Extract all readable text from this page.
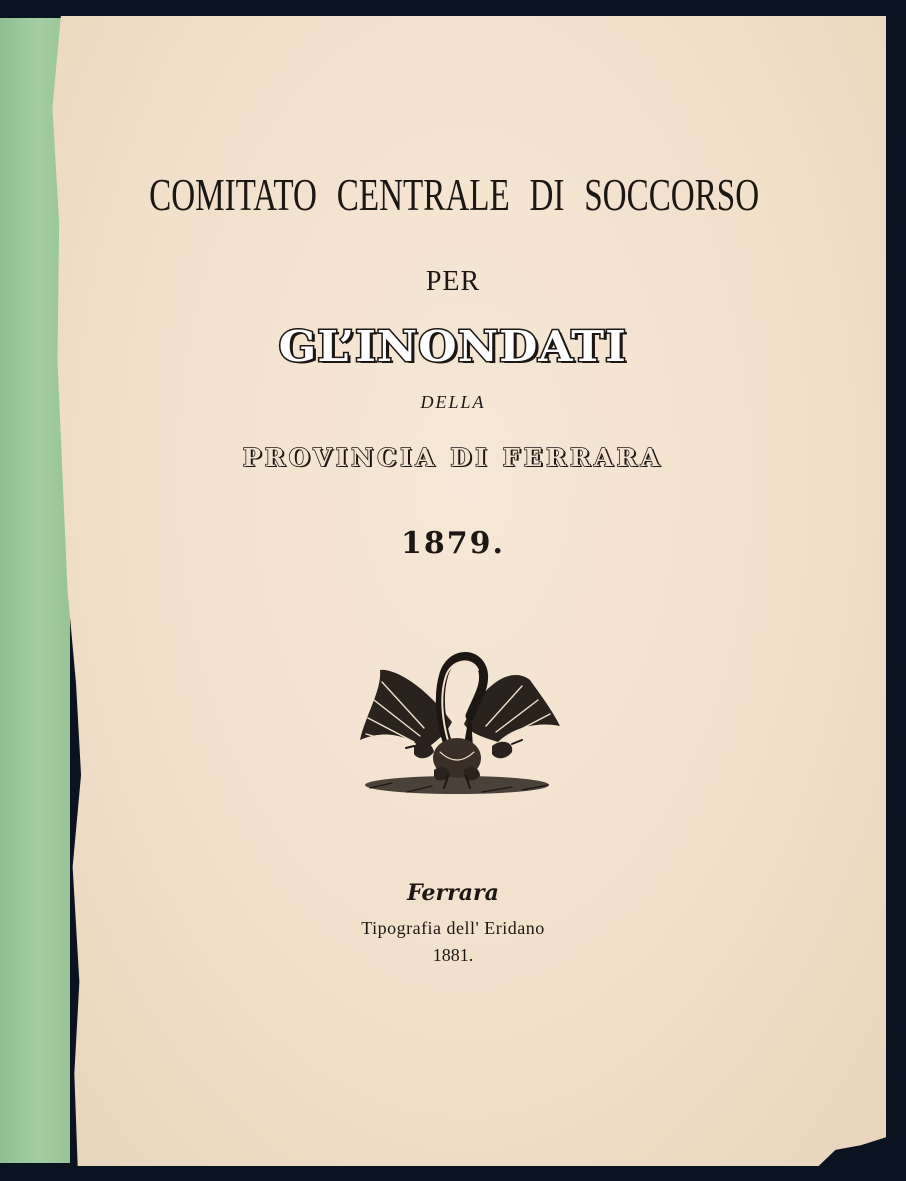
COMITATO CENTRALE DI SOCCORSO
PER
GL’INONDATI
DELLA
PROVINCIA DI FERRARA
1879.
Ferrara
Tipografia dell' Eridano
1881.
